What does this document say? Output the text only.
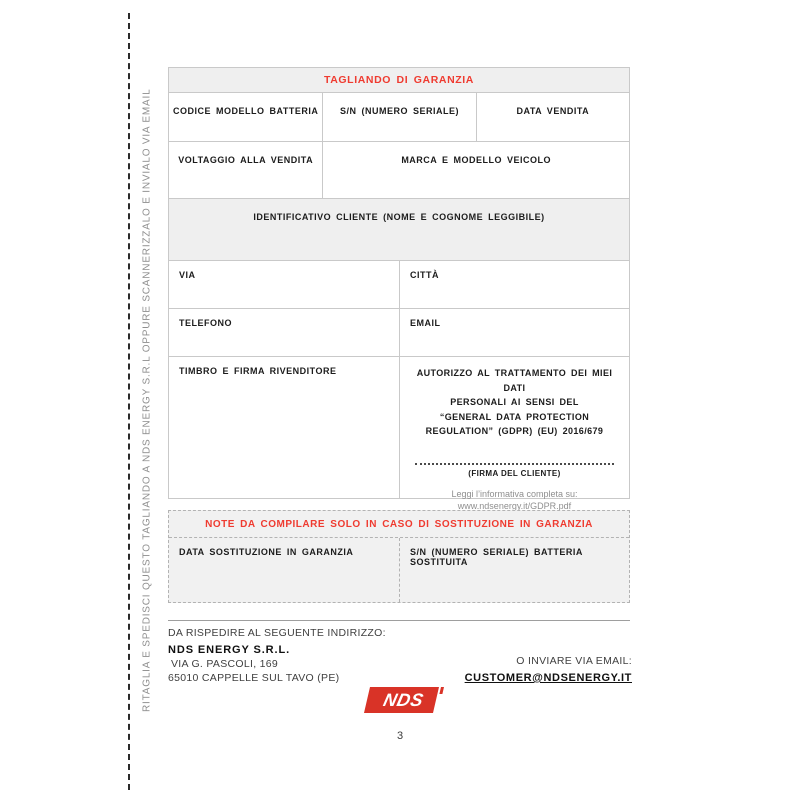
RITAGLIA E SPEDISCI QUESTO TAGLIANDO A NDS ENERGY S.R.L OPPURE SCANNERIZZALO E INVIALO VIA EMAIL
TAGLIANDO DI GARANZIA
CODICE MODELLO BATTERIA	S/N (NUMERO SERIALE)	DATA VENDITA
VOLTAGGIO ALLA VENDITA	MARCA E MODELLO VEICOLO
IDENTIFICATIVO CLIENTE (NOME E COGNOME LEGGIBILE)
VIA	CITTÀ
TELEFONO	EMAIL
TIMBRO E FIRMA RIVENDITORE	AUTORIZZO AL TRATTAMENTO DEI MIEI DATI
PERSONALI AI SENSI DEL
“GENERAL DATA PROTECTION
REGULATION” (GDPR) (EU) 2016/679
(FIRMA DEL CLIENTE)
Leggi l’informativa completa su:
www.ndsenergy.it/GDPR.pdf
NOTE DA COMPILARE SOLO IN CASO DI SOSTITUZIONE IN GARANZIA
DATA SOSTITUZIONE IN GARANZIA	S/N (NUMERO SERIALE) BATTERIA SOSTITUITA
DA RISPEDIRE AL SEGUENTE INDIRIZZO:
NDS ENERGY S.R.L.
VIA G. PASCOLI, 169
65010 CAPPELLE SUL TAVO (PE)
O INVIARE VIA EMAIL:
CUSTOMER@NDSENERGY.IT
NDS
3
